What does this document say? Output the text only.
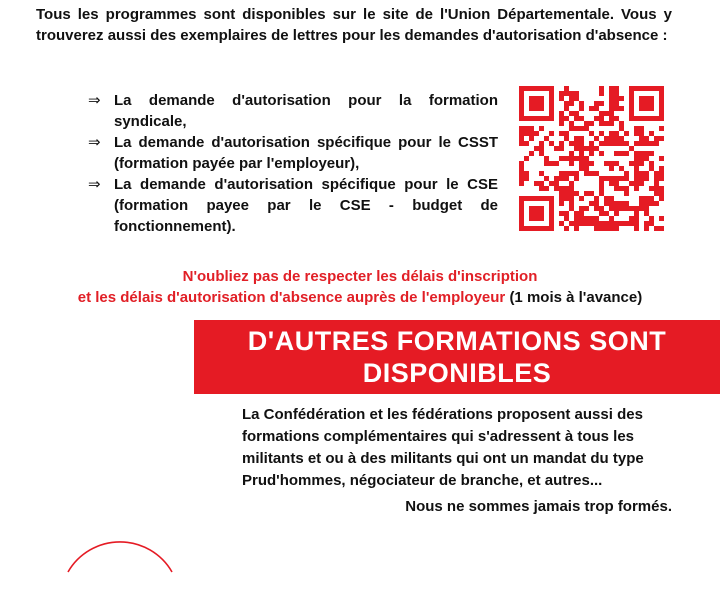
Tous les programmes sont disponibles sur le site de l'Union Départementale. Vous y trouverez aussi des exemplaires de lettres pour les demandes d'autorisation d'absence :

⇒ La demande d'autorisation pour la formation syndicale,
⇒ La demande d'autorisation spécifique pour le CSST (formation payée par l'employeur),
⇒ La demande d'autorisation spécifique pour le CSE (formation payee par le CSE - budget de fonctionnement).
N'oubliez pas de respecter les délais d'inscription
et les délais d'autorisation d'absence auprès de l'employeur (1 mois à l'avance)
D'AUTRES FORMATIONS SONT
DISPONIBLES

La Confédération et les fédérations proposent aussi des formations complémentaires qui s'adressent à tous les militants et ou à des militants qui ont un mandat du type Prud'hommes, négociateur de branche, et autres...

Nous ne sommes jamais trop formés.
